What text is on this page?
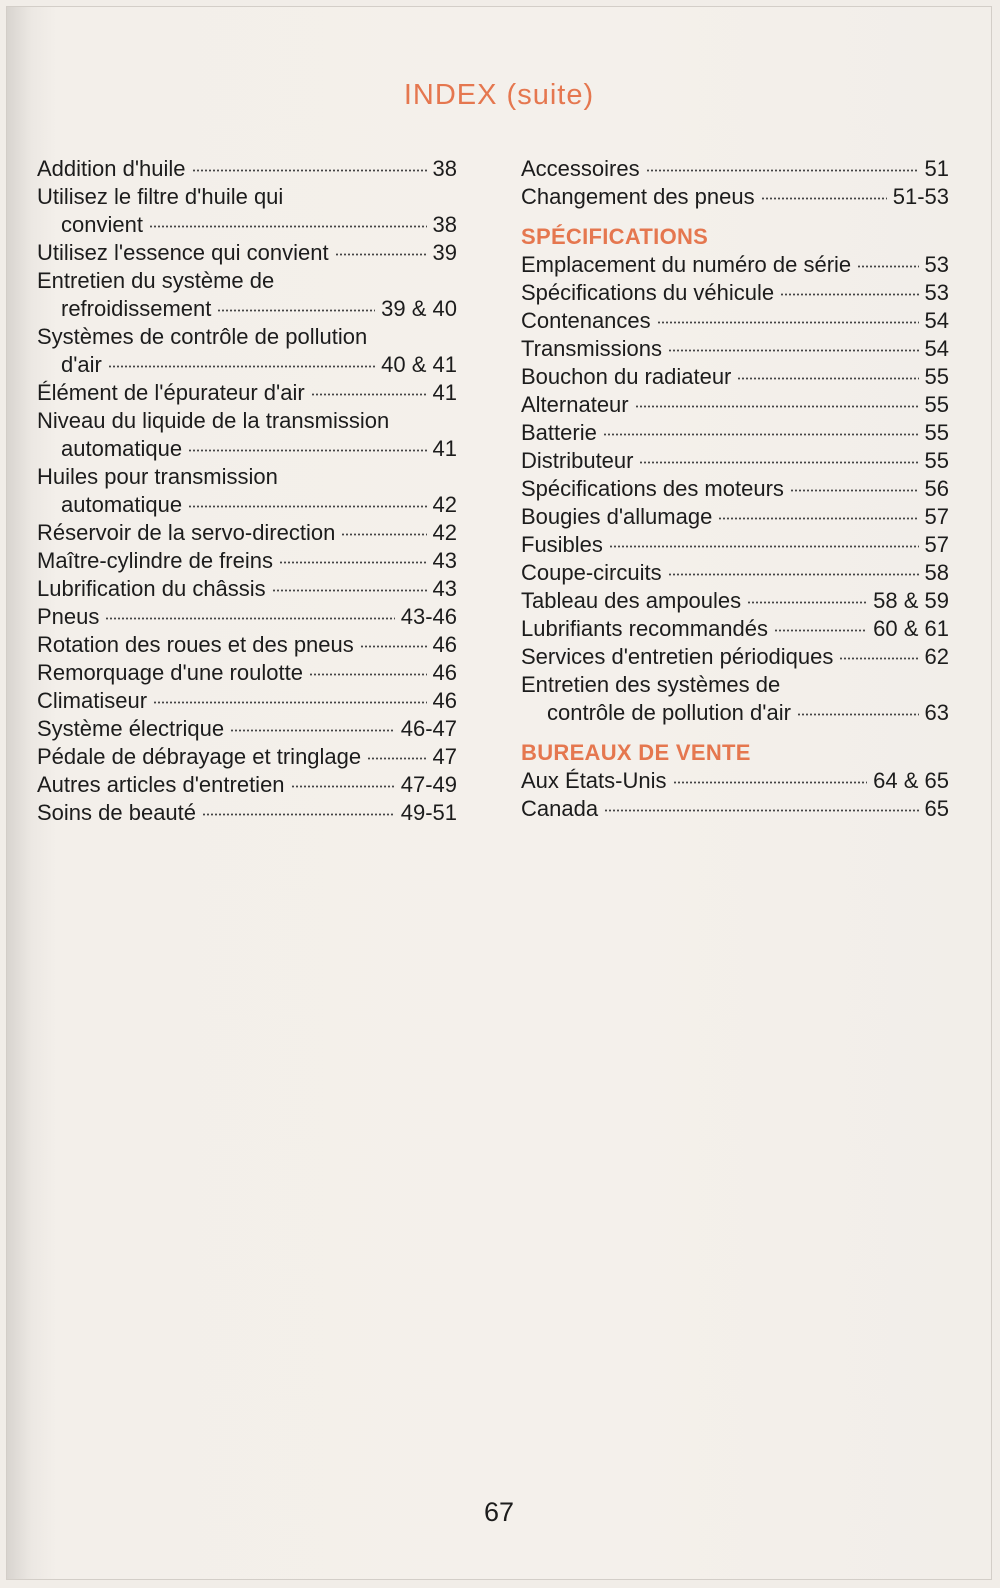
INDEX (suite)
Addition d'huile	38
Utilisez le filtre d'huile qui
convient	38
Utilisez l'essence qui convient	39
Entretien du système de
refroidissement	39 & 40
Systèmes de contrôle de pollution
d'air	40 & 41
Élément de l'épurateur d'air	41
Niveau du liquide de la transmission
automatique	41
Huiles pour transmission
automatique	42
Réservoir de la servo-direction	42
Maître-cylindre de freins	43
Lubrification du châssis	43
Pneus	43-46
Rotation des roues et des pneus	46
Remorquage d'une roulotte	46
Climatiseur	46
Système électrique	46-47
Pédale de débrayage et tringlage	47
Autres articles d'entretien	47-49
Soins de beauté	49-51
Accessoires	51
Changement des pneus	51-53
SPÉCIFICATIONS
Emplacement du numéro de série	53
Spécifications du véhicule	53
Contenances	54
Transmissions	54
Bouchon du radiateur	55
Alternateur	55
Batterie	55
Distributeur	55
Spécifications des moteurs	56
Bougies d'allumage	57
Fusibles	57
Coupe-circuits	58
Tableau des ampoules	58 & 59
Lubrifiants recommandés	60 & 61
Services d'entretien périodiques	62
Entretien des systèmes de
contrôle de pollution d'air	63
BUREAUX DE VENTE
Aux États-Unis	64 & 65
Canada	65
67
